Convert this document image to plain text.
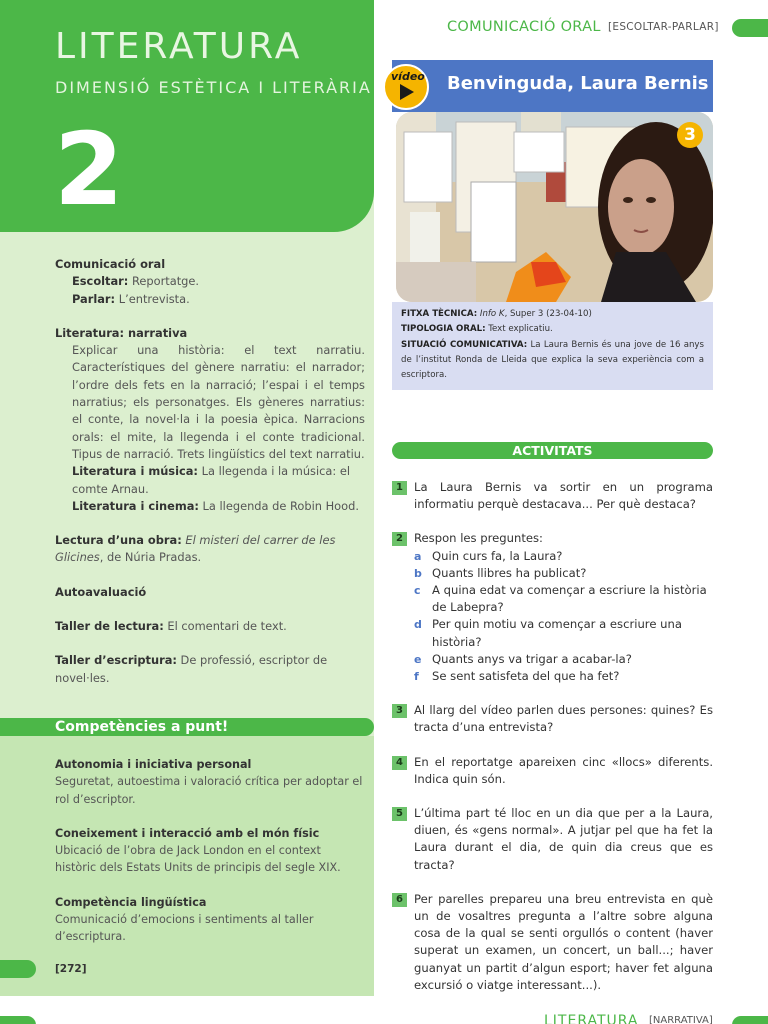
LITERATURA
DIMENSIÓ ESTÈTICA I LITERÀRIA
2
Comunicació oral
Escoltar: Reportatge.
Parlar: L’entrevista.
Literatura: narrativa
Explicar una història: el text narratiu. Característiques del gènere narratiu: el narrador; l’ordre dels fets en la narració; l’espai i el temps narratius; els personatges. Els gèneres narratius: el conte, la novel·la i la poesia èpica. Narracions orals: el mite, la llegenda i el conte tradicional. Tipus de narració. Trets lingüístics del text narratiu.
Literatura i música: La llegenda i la música: el comte Arnau.
Literatura i cinema: La llegenda de Robin Hood.
Lectura d’una obra: El misteri del carrer de les Glicines, de Núria Pradas.
Autoavaluació
Taller de lectura: El comentari de text.
Taller d’escriptura: De professió, escriptor de novel·les.
Competències a punt!
Autonomia i iniciativa personal
Seguretat, autoestima i valoració crítica per adoptar el rol d’escriptor.
Coneixement i interacció amb el món físic
Ubicació de l’obra de Jack London en el context històric dels Estats Units de principis del segle XIX.
Competència lingüística
Comunicació d’emocions i sentiments al taller d’escriptura.
[272]
COMUNICACIÓ ORAL [ESCOLTAR-PARLAR]
Benvinguda, Laura Bernis
vídeo
3
FITXA TÈCNICA: Info K, Super 3 (23-04-10)
TIPOLOGIA ORAL: Text explicatiu.
SITUACIÓ COMUNICATIVA: La Laura Bernis és una jove de 16 anys de l’institut Ronda de Lleida que explica la seva experiència com a escriptora.
ACTIVITATS
1 La Laura Bernis va sortir en un programa informatiu perquè destacava... Per què destaca?
2 Respon les preguntes:
a Quin curs fa, la Laura?
b Quants llibres ha publicat?
c A quina edat va començar a escriure la història de Labepra?
d Per quin motiu va començar a escriure una història?
e Quants anys va trigar a acabar-la?
f Se sent satisfeta del que ha fet?
3 Al llarg del vídeo parlen dues persones: quines? Es tracta d’una entrevista?
4 En el reportatge apareixen cinc «llocs» diferents. Indica quin són.
5 L’última part té lloc en un dia que per a la Laura, diuen, és «gens normal». A jutjar pel que ha fet la Laura durant el dia, de quin dia creus que es tracta?
6 Per parelles prepareu una breu entrevista en què un de vosaltres pregunta a l’altre sobre alguna cosa de la qual se senti orgullós o content (haver superat un examen, un concert, un ball...; haver guanyat un partit d’algun esport; haver fet alguna excursió o viatge interessant...).
LITERATURA [NARRATIVA]
